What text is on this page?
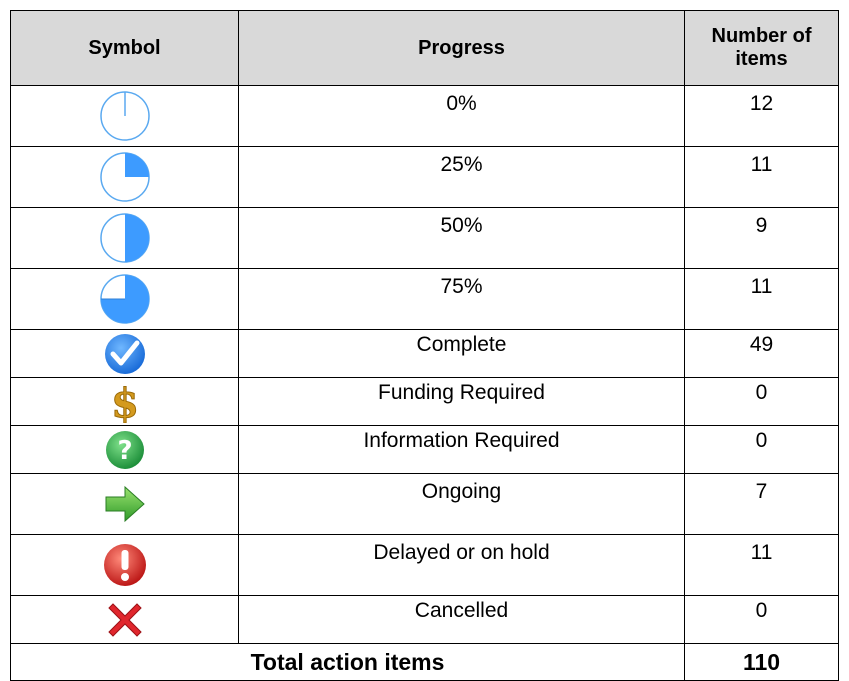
Symbol	Progress	Number of items

	0%	12

	25%	11

	50%	9

	75%	11

	Complete	49

$	Funding Required	0

?	Information Required	0

	Ongoing	7

	Delayed or on hold	11

	Cancelled	0
Total action items		110
